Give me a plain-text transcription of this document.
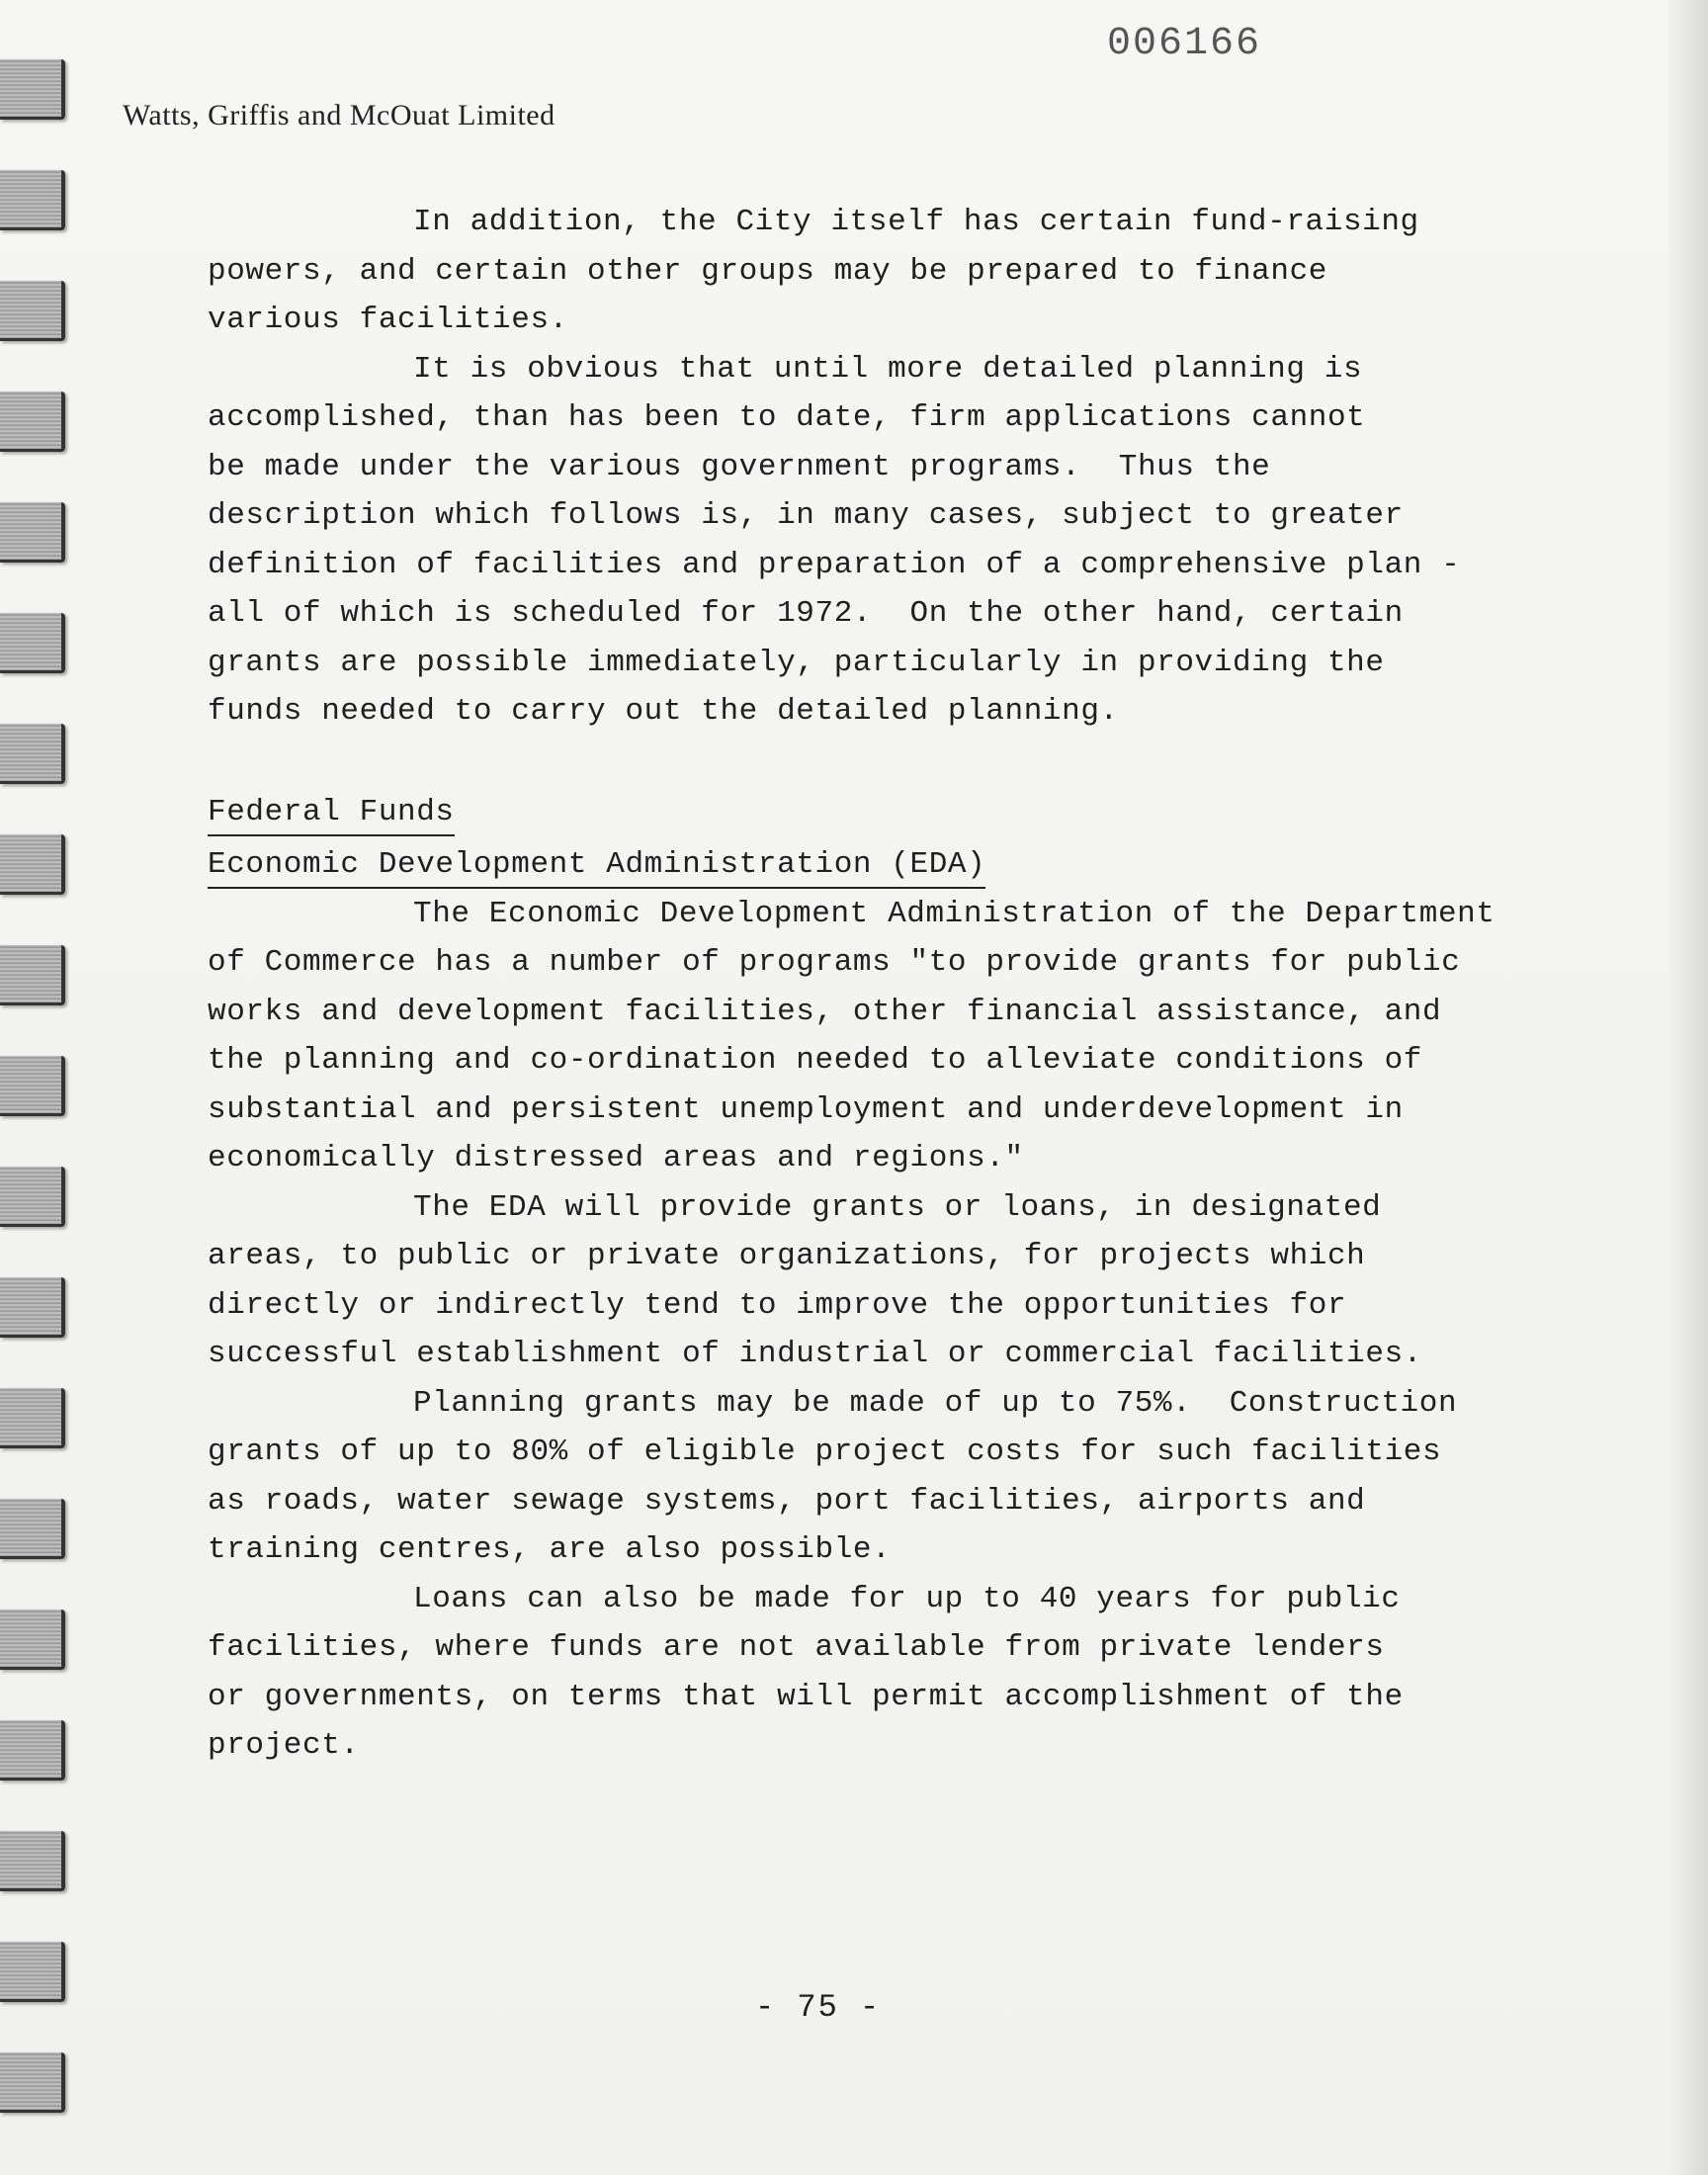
006166
Watts, Griffis and McOuat Limited
In addition, the City itself has certain fund-raising
powers, and certain other groups may be prepared to finance
various facilities.
It is obvious that until more detailed planning is
accomplished, than has been to date, firm applications cannot
be made under the various government programs.  Thus the
description which follows is, in many cases, subject to greater
definition of facilities and preparation of a comprehensive plan -
all of which is scheduled for 1972.  On the other hand, certain
grants are possible immediately, particularly in providing the
funds needed to carry out the detailed planning.
Federal Funds
Economic Development Administration (EDA)
The Economic Development Administration of the Department
of Commerce has a number of programs "to provide grants for public
works and development facilities, other financial assistance, and
the planning and co-ordination needed to alleviate conditions of
substantial and persistent unemployment and underdevelopment in
economically distressed areas and regions."
The EDA will provide grants or loans, in designated
areas, to public or private organizations, for projects which
directly or indirectly tend to improve the opportunities for
successful establishment of industrial or commercial facilities.
Planning grants may be made of up to 75%.  Construction
grants of up to 80% of eligible project costs for such facilities
as roads, water sewage systems, port facilities, airports and
training centres, are also possible.
Loans can also be made for up to 40 years for public
facilities, where funds are not available from private lenders
or governments, on terms that will permit accomplishment of the
project.
- 75 -
